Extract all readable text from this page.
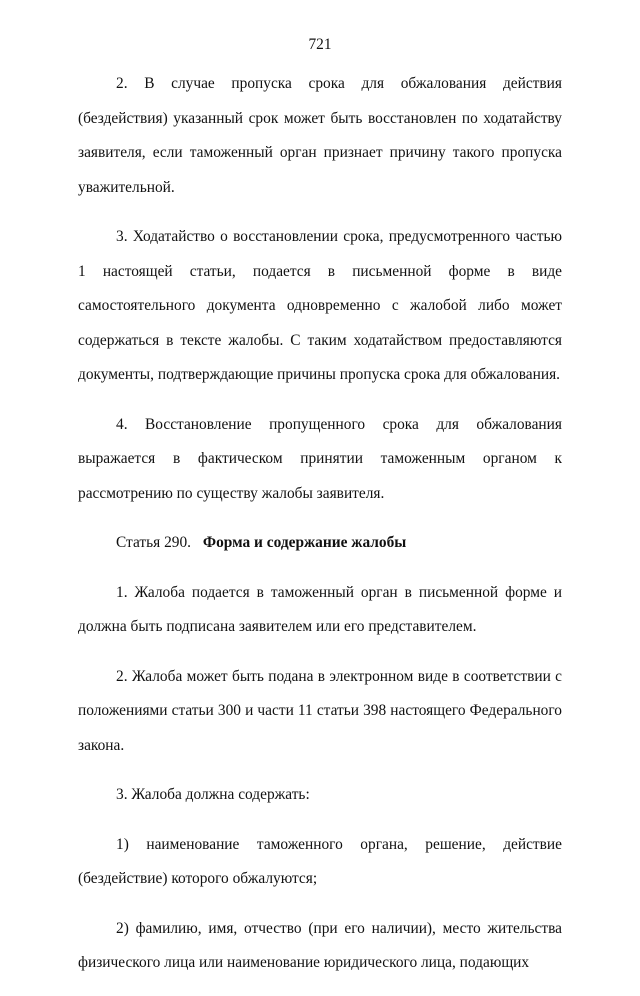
721

2. В случае пропуска срока для обжалования действия (бездействия) указанный срок может быть восстановлен по ходатайству заявителя, если таможенный орган признает причину такого пропуска уважительной.

3. Ходатайство о восстановлении срока, предусмотренного частью 1 настоящей статьи, подается в письменной форме в виде самостоятельного документа одновременно с жалобой либо может содержаться в тексте жалобы. С таким ходатайством предоставляются документы, подтверждающие причины пропуска срока для обжалования.

4. Восстановление пропущенного срока для обжалования выражается в фактическом принятии таможенным органом к рассмотрению по существу жалобы заявителя.

Статья 290. Форма и содержание жалобы

1. Жалоба подается в таможенный орган в письменной форме и должна быть подписана заявителем или его представителем.

2. Жалоба может быть подана в электронном виде в соответствии с положениями статьи 300 и части 11 статьи 398 настоящего Федерального закона.

3. Жалоба должна содержать:

1) наименование таможенного органа, решение, действие (бездействие) которого обжалуются;

2) фамилию, имя, отчество (при его наличии), место жительства физического лица или наименование юридического лица, подающих
